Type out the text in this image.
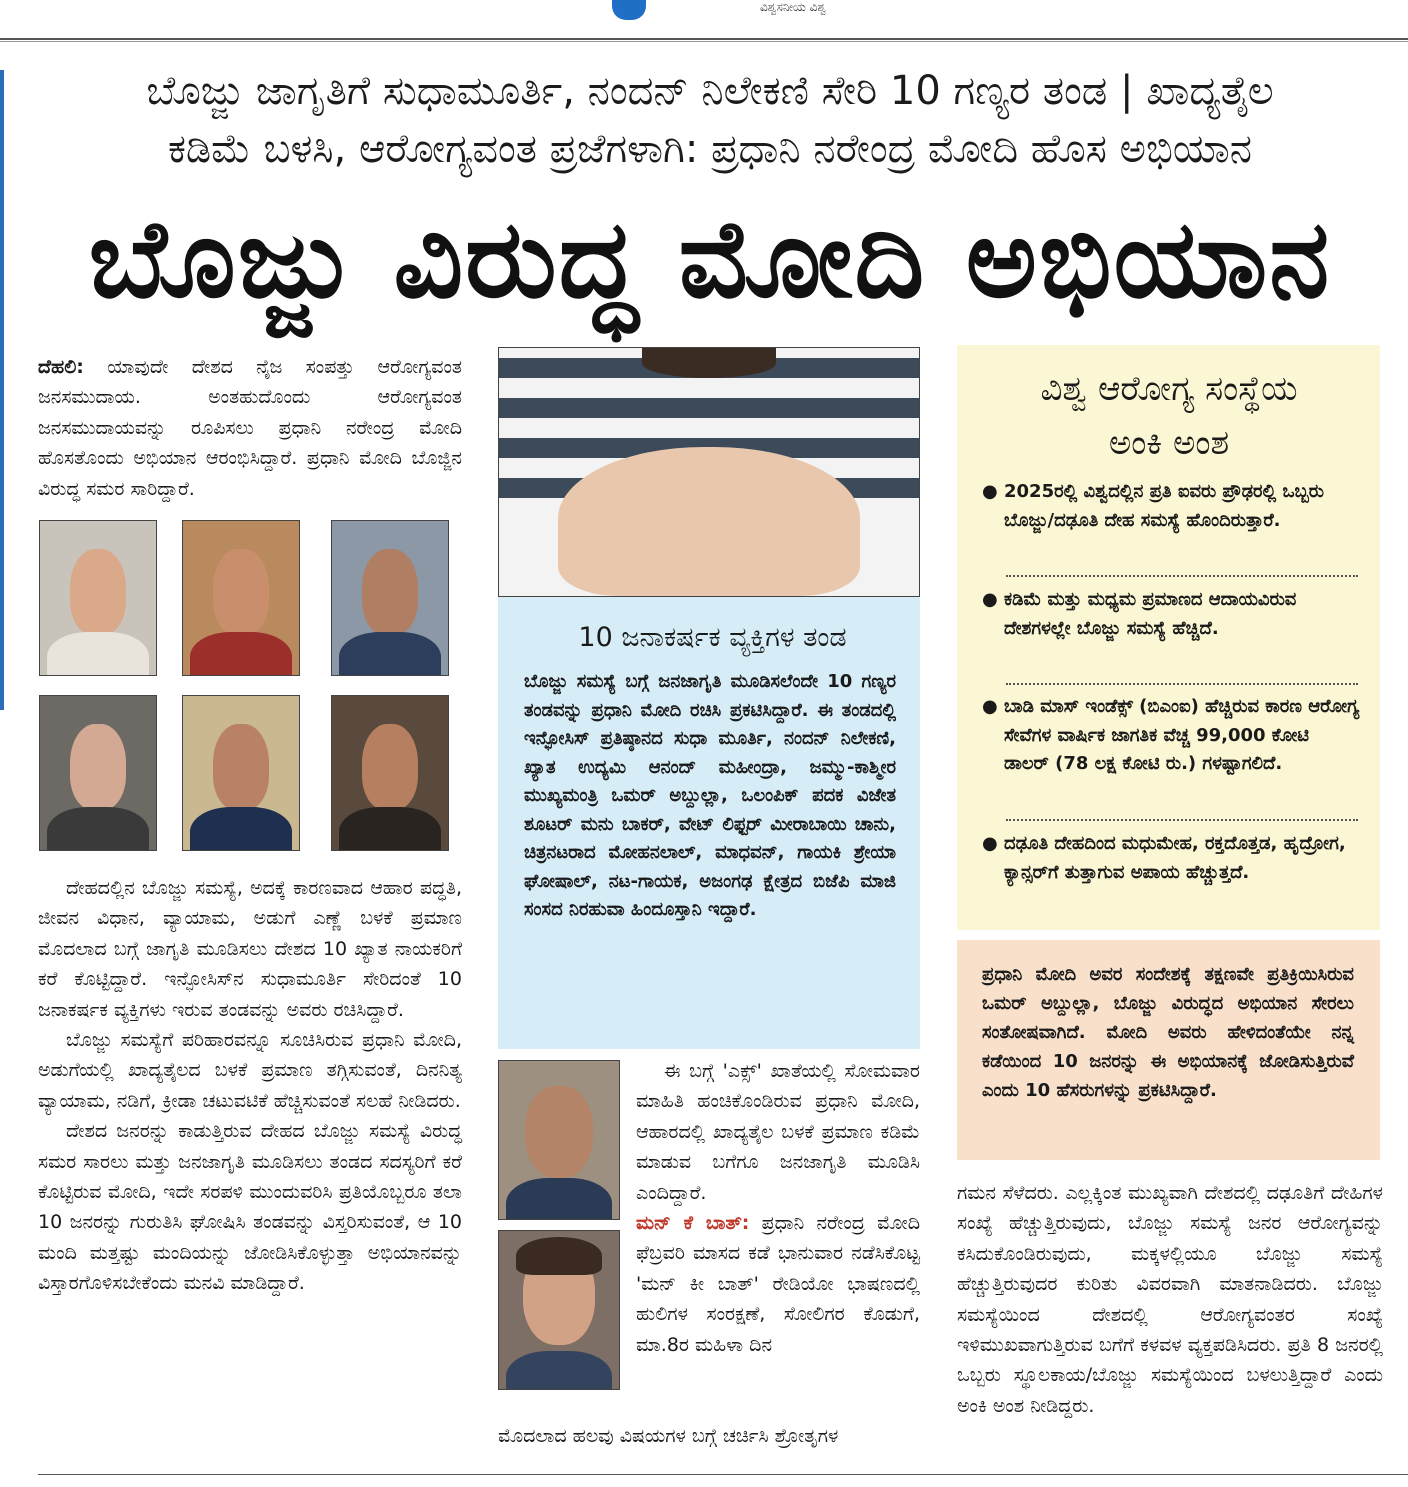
ವಿಶ್ವಸನೀಯ ವಿಶ್ವ
ಬೊಜ್ಜು ಜಾಗೃತಿಗೆ ಸುಧಾಮೂರ್ತಿ, ನಂದನ್ ನಿಲೇಕಣಿ ಸೇರಿ 10 ಗಣ್ಯರ ತಂಡ | ಖಾದ್ಯತೈಲ
ಕಡಿಮೆ ಬಳಸಿ, ಆರೋಗ್ಯವಂತ ಪ್ರಜೆಗಳಾಗಿ: ಪ್ರಧಾನಿ ನರೇಂದ್ರ ಮೋದಿ ಹೊಸ ಅಭಿಯಾನ
ಬೊಜ್ಜು ವಿರುದ್ಧ ಮೋದಿ ಅಭಿಯಾನ

ದೆಹಲಿ: ಯಾವುದೇ ದೇಶದ ನೈಜ ಸಂಪತ್ತು ಆರೋಗ್ಯವಂತ ಜನಸಮುದಾಯ. ಅಂತಹುದೊಂದು ಆರೋಗ್ಯವಂತ ಜನಸಮುದಾಯವನ್ನು ರೂಪಿಸಲು ಪ್ರಧಾನಿ ನರೇಂದ್ರ ಮೋದಿ ಹೊಸತೊಂದು ಅಭಿಯಾನ ಆರಂಭಿಸಿದ್ದಾರೆ. ಪ್ರಧಾನಿ ಮೋದಿ ಬೊಜ್ಜಿನ ವಿರುದ್ಧ ಸಮರ ಸಾರಿದ್ದಾರೆ.

ದೇಹದಲ್ಲಿನ ಬೊಜ್ಜು ಸಮಸ್ಯೆ, ಅದಕ್ಕೆ ಕಾರಣವಾದ ಆಹಾರ ಪದ್ಧತಿ, ಜೀವನ ವಿಧಾನ, ವ್ಯಾಯಾಮ, ಅಡುಗೆ ಎಣ್ಣೆ ಬಳಕೆ ಪ್ರಮಾಣ ಮೊದಲಾದ ಬಗ್ಗೆ ಜಾಗೃತಿ ಮೂಡಿಸಲು ದೇಶದ 10 ಖ್ಯಾತ ನಾಯಕರಿಗೆ ಕರೆ ಕೊಟ್ಟಿದ್ದಾರೆ. ಇನ್ಫೋಸಿಸ್‌ನ ಸುಧಾಮೂರ್ತಿ ಸೇರಿದಂತೆ 10 ಜನಾಕರ್ಷಕ ವ್ಯಕ್ತಿಗಳು ಇರುವ ತಂಡವನ್ನು ಅವರು ರಚಿಸಿದ್ದಾರೆ.

ಬೊಜ್ಜು ಸಮಸ್ಯೆಗೆ ಪರಿಹಾರವನ್ನೂ ಸೂಚಿಸಿರುವ ಪ್ರಧಾನಿ ಮೋದಿ, ಅಡುಗೆಯಲ್ಲಿ ಖಾದ್ಯತೈಲದ ಬಳಕೆ ಪ್ರಮಾಣ ತಗ್ಗಿಸುವಂತೆ, ದಿನನಿತ್ಯ ವ್ಯಾಯಾಮ, ನಡಿಗೆ, ಕ್ರೀಡಾ ಚಟುವಟಿಕೆ ಹೆಚ್ಚಿಸುವಂತೆ ಸಲಹೆ ನೀಡಿದರು.

ದೇಶದ ಜನರನ್ನು ಕಾಡುತ್ತಿರುವ ದೇಹದ ಬೊಜ್ಜು ಸಮಸ್ಯೆ ವಿರುದ್ಧ ಸಮರ ಸಾರಲು ಮತ್ತು ಜನಜಾಗೃತಿ ಮೂಡಿಸಲು ತಂಡದ ಸದಸ್ಯರಿಗೆ ಕರೆ ಕೊಟ್ಟಿರುವ ಮೋದಿ, ಇದೇ ಸರಪಳಿ ಮುಂದುವರಿಸಿ ಪ್ರತಿಯೊಬ್ಬರೂ ತಲಾ 10 ಜನರನ್ನು ಗುರುತಿಸಿ ಘೋಷಿಸಿ ತಂಡವನ್ನು ವಿಸ್ತರಿಸುವಂತೆ, ಆ 10 ಮಂದಿ ಮತ್ತಷ್ಟು ಮಂದಿಯನ್ನು ಜೋಡಿಸಿಕೊಳ್ಳುತ್ತಾ ಅಭಿಯಾನವನ್ನು ವಿಸ್ತಾರಗೊಳಿಸಬೇಕೆಂದು ಮನವಿ ಮಾಡಿದ್ದಾರೆ.

10 ಜನಾಕರ್ಷಕ ವ್ಯಕ್ತಿಗಳ ತಂಡ
ಬೊಜ್ಜು ಸಮಸ್ಯೆ ಬಗ್ಗೆ ಜನಜಾಗೃತಿ ಮೂಡಿಸಲೆಂದೇ 10 ಗಣ್ಯರ ತಂಡವನ್ನು ಪ್ರಧಾನಿ ಮೋದಿ ರಚಿಸಿ ಪ್ರಕಟಿಸಿದ್ದಾರೆ. ಈ ತಂಡದಲ್ಲಿ ಇನ್ಫೋಸಿಸ್ ಪ್ರತಿಷ್ಠಾನದ ಸುಧಾ ಮೂರ್ತಿ, ನಂದನ್ ನಿಲೇಕಣಿ, ಖ್ಯಾತ ಉದ್ಯಮಿ ಆನಂದ್ ಮಹೀಂದ್ರಾ, ಜಮ್ಮು-ಕಾಶ್ಮೀರ ಮುಖ್ಯಮಂತ್ರಿ ಒಮರ್ ಅಬ್ದುಲ್ಲಾ, ಒಲಂಪಿಕ್ ಪದಕ ವಿಜೇತ ಶೂಟರ್ ಮನು ಬಾಕರ್, ವೇಟ್ ಲಿಫ್ಟರ್ ಮೀರಾಬಾಯಿ ಚಾನು, ಚಿತ್ರನಟರಾದ ಮೋಹನಲಾಲ್, ಮಾಧವನ್, ಗಾಯಕಿ ಶ್ರೇಯಾ ಘೋಷಾಲ್, ನಟ-ಗಾಯಕ, ಅಜಂಗಢ ಕ್ಷೇತ್ರದ ಬಿಜೆಪಿ ಮಾಜಿ ಸಂಸದ ನಿರಹುವಾ ಹಿಂದೂಸ್ತಾನಿ ಇದ್ದಾರೆ.

ಈ ಬಗ್ಗೆ 'ಎಕ್ಸ್' ಖಾತೆಯಲ್ಲಿ ಸೋಮವಾರ ಮಾಹಿತಿ ಹಂಚಿಕೊಂಡಿರುವ ಪ್ರಧಾನಿ ಮೋದಿ, ಆಹಾರದಲ್ಲಿ ಖಾದ್ಯತೈಲ ಬಳಕೆ ಪ್ರಮಾಣ ಕಡಿಮೆ ಮಾಡುವ ಬಗೆಗೂ ಜನಜಾಗೃತಿ ಮೂಡಿಸಿ ಎಂದಿದ್ದಾರೆ.

ಮನ್ ಕೆ ಬಾತ್: ಪ್ರಧಾನಿ ನರೇಂದ್ರ ಮೋದಿ ಫೆಬ್ರವರಿ ಮಾಸದ ಕಡೆ ಭಾನುವಾರ ನಡೆಸಿಕೊಟ್ಟ 'ಮನ್ ಕೀ ಬಾತ್' ರೇಡಿಯೋ ಭಾಷಣದಲ್ಲಿ ಹುಲಿಗಳ ಸಂರಕ್ಷಣೆ, ಸೋಲಿಗರ ಕೊಡುಗೆ, ಮಾ.8ರ ಮಹಿಳಾ ದಿನ

ಮೊದಲಾದ ಹಲವು ವಿಷಯಗಳ ಬಗ್ಗೆ ಚರ್ಚಿಸಿ ಶ್ರೋತೃಗಳ
ವಿಶ್ವ ಆರೋಗ್ಯ ಸಂಸ್ಥೆಯ
ಅಂಕಿ ಅಂಶ
● 2025ರಲ್ಲಿ ವಿಶ್ವದಲ್ಲಿನ ಪ್ರತಿ ಐವರು ಪ್ರೌಢರಲ್ಲಿ ಒಬ್ಬರು ಬೊಜ್ಜು/ದಢೂತಿ ದೇಹ ಸಮಸ್ಯೆ ಹೊಂದಿರುತ್ತಾರೆ.
● ಕಡಿಮೆ ಮತ್ತು ಮಧ್ಯಮ ಪ್ರಮಾಣದ ಆದಾಯವಿರುವ ದೇಶಗಳಲ್ಲೇ ಬೊಜ್ಜು ಸಮಸ್ಯೆ ಹೆಚ್ಚಿದೆ.
● ಬಾಡಿ ಮಾಸ್ ಇಂಡೆಕ್ಸ್ (ಬಿಎಂಐ) ಹೆಚ್ಚಿರುವ ಕಾರಣ ಆರೋಗ್ಯ ಸೇವೆಗಳ ವಾರ್ಷಿಕ ಜಾಗತಿಕ ವೆಚ್ಚ 99,000 ಕೋಟಿ ಡಾಲರ್ (78 ಲಕ್ಷ ಕೋಟಿ ರು.) ಗಳಷ್ಟಾಗಲಿದೆ.
● ದಢೂತಿ ದೇಹದಿಂದ ಮಧುಮೇಹ, ರಕ್ತದೊತ್ತಡ, ಹೃದ್ರೋಗ, ಕ್ಯಾನ್ಸರ್‌ಗೆ ತುತ್ತಾಗುವ ಅಪಾಯ ಹೆಚ್ಚುತ್ತದೆ.
ಪ್ರಧಾನಿ ಮೋದಿ ಅವರ ಸಂದೇಶಕ್ಕೆ ತಕ್ಷಣವೇ ಪ್ರತಿಕ್ರಿಯಿಸಿರುವ ಒಮರ್ ಅಬ್ದುಲ್ಲಾ, ಬೊಜ್ಜು ವಿರುದ್ಧದ ಅಭಿಯಾನ ಸೇರಲು ಸಂತೋಷವಾಗಿದೆ. ಮೋದಿ ಅವರು ಹೇಳಿದಂತೆಯೇ ನನ್ನ ಕಡೆಯಿಂದ 10 ಜನರನ್ನು ಈ ಅಭಿಯಾನಕ್ಕೆ ಜೋಡಿಸುತ್ತಿರುವೆ ಎಂದು 10 ಹೆಸರುಗಳನ್ನು ಪ್ರಕಟಿಸಿದ್ದಾರೆ.
ಗಮನ ಸೆಳೆದರು. ಎಲ್ಲಕ್ಕಿಂತ ಮುಖ್ಯವಾಗಿ ದೇಶದಲ್ಲಿ ದಢೂತಿಗೆ ದೇಹಿಗಳ ಸಂಖ್ಯೆ ಹೆಚ್ಚುತ್ತಿರುವುದು, ಬೊಜ್ಜು ಸಮಸ್ಯೆ ಜನರ ಆರೋಗ್ಯವನ್ನು ಕಸಿದುಕೊಂಡಿರುವುದು, ಮಕ್ಕಳಲ್ಲಿಯೂ ಬೊಜ್ಜು ಸಮಸ್ಯೆ ಹೆಚ್ಚುತ್ತಿರುವುದರ ಕುರಿತು ವಿವರವಾಗಿ ಮಾತನಾಡಿದರು. ಬೊಜ್ಜು ಸಮಸ್ಯೆಯಿಂದ ದೇಶದಲ್ಲಿ ಆರೋಗ್ಯವಂತರ ಸಂಖ್ಯೆ ಇಳಿಮುಖವಾಗುತ್ತಿರುವ ಬಗೆಗೆ ಕಳವಳ ವ್ಯಕ್ತಪಡಿಸಿದರು. ಪ್ರತಿ 8 ಜನರಲ್ಲಿ ಒಬ್ಬರು ಸ್ಥೂಲಕಾಯ/ಬೊಜ್ಜು ಸಮಸ್ಯೆಯಿಂದ ಬಳಲುತ್ತಿದ್ದಾರೆ ಎಂದು ಅಂಕಿ ಅಂಶ ನೀಡಿದ್ದರು.
